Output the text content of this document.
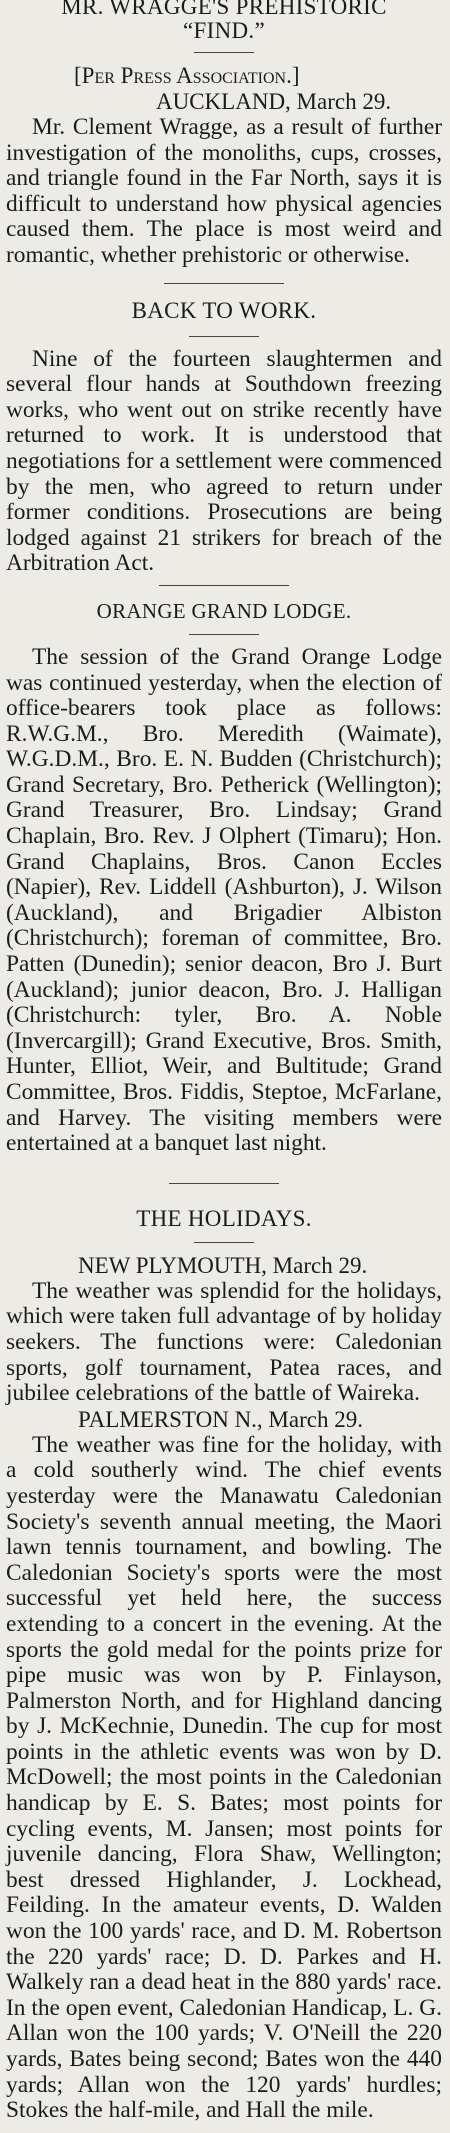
MR. WRAGGE'S PREHISTORIC
“FIND.”

[Per Press Association.]

AUCKLAND, March 29.

Mr. Clement Wragge, as a result of further investigation of the monoliths, cups, crosses, and triangle found in the Far North, says it is difficult to understand how physical agencies caused them. The place is most weird and romantic, whether prehistoric or otherwise.

BACK TO WORK.

Nine of the fourteen slaughtermen and several flour hands at Southdown freezing works, who went out on strike recently have returned to work. It is understood that negotiations for a settlement were commenced by the men, who agreed to return under former conditions. Prosecutions are being lodged against 21 strikers for breach of the Arbitration Act.

ORANGE GRAND LODGE.

The session of the Grand Orange Lodge was continued yesterday, when the election of office-bearers took place as follows: R.W.G.M., Bro. Meredith (Waimate), W.G.D.M., Bro. E. N. Budden (Christchurch); Grand Secretary, Bro. Petherick (Wellington); Grand Treasurer, Bro. Lindsay; Grand Chaplain, Bro. Rev. J Olphert (Timaru); Hon. Grand Chaplains, Bros. Canon Eccles (Napier), Rev. Liddell (Ashburton), J. Wilson (Auckland), and Brigadier Albiston (Christchurch); foreman of committee, Bro. Patten (Dunedin); senior deacon, Bro J. Burt (Auckland); junior deacon, Bro. J. Halligan (Christchurch: tyler, Bro. A. Noble (Invercargill); Grand Executive, Bros. Smith, Hunter, Elliot, Weir, and Bultitude; Grand Committee, Bros. Fiddis, Steptoe, McFarlane, and Harvey. The visiting members were entertained at a banquet last night.

THE HOLIDAYS.

NEW PLYMOUTH, March 29.

The weather was splendid for the holidays, which were taken full advantage of by holiday seekers. The functions were: Caledonian sports, golf tournament, Patea races, and jubilee celebrations of the battle of Waireka.

PALMERSTON N., March 29.

The weather was fine for the holiday, with a cold southerly wind. The chief events yesterday were the Manawatu Caledonian Society's seventh annual meeting, the Maori lawn tennis tournament, and bowling. The Caledonian Society's sports were the most successful yet held here, the success extending to a concert in the evening. At the sports the gold medal for the points prize for pipe music was won by P. Finlayson, Palmerston North, and for Highland dancing by J. McKechnie, Dunedin. The cup for most points in the athletic events was won by D. McDowell; the most points in the Caledonian handicap by E. S. Bates; most points for cycling events, M. Jansen; most points for juvenile dancing, Flora Shaw, Wellington; best dressed Highlander, J. Lockhead, Feilding. In the amateur events, D. Walden won the 100 yards' race, and D. M. Robertson the 220 yards' race; D. D. Parkes and H. Walkely ran a dead heat in the 880 yards' race. In the open event, Caledonian Handicap, L. G. Allan won the 100 yards; V. O'Neill the 220 yards, Bates being second; Bates won the 440 yards; Allan won the 120 yards' hurdles; Stokes the half-mile, and Hall the mile.
